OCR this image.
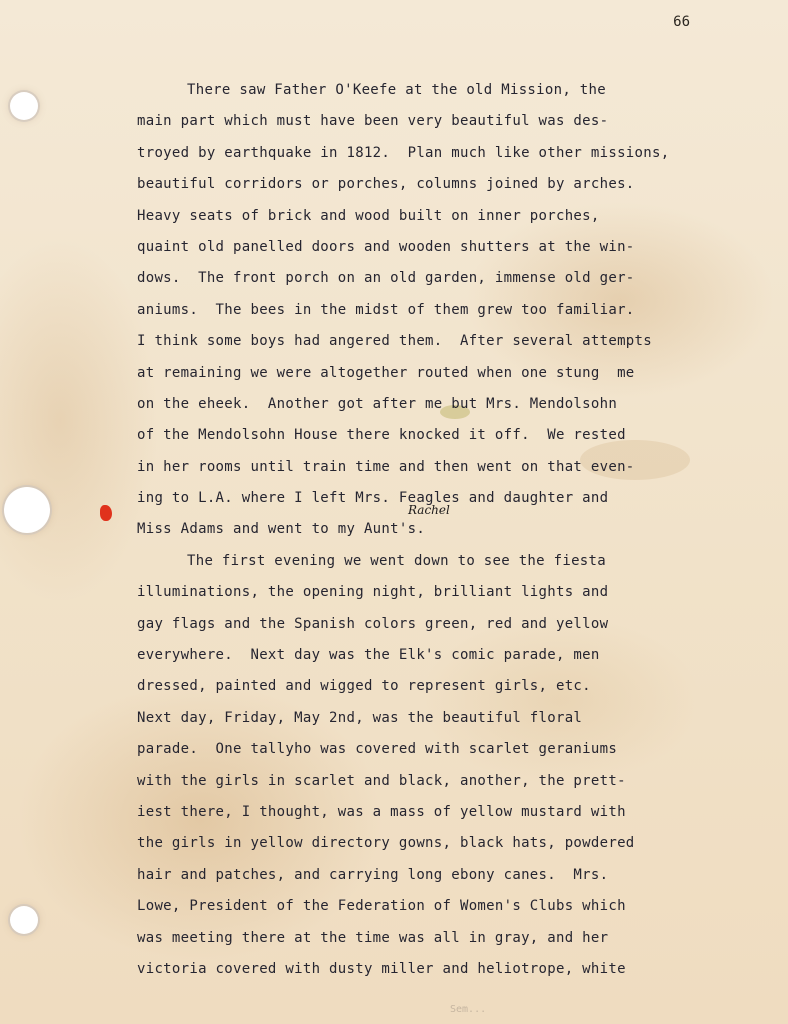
66

There saw Father O'Keefe at the old Mission, the

main part which must have been very beautiful was des-

troyed by earthquake in 1812.  Plan much like other missions,

beautiful corridors or porches, columns joined by arches.

Heavy seats of brick and wood built on inner porches,

quaint old panelled doors and wooden shutters at the win-

dows.  The front porch on an old garden, immense old ger-

aniums.  The bees in the midst of them grew too familiar.

I think some boys had angered them.  After several attempts

at remaining we were altogether routed when one stung  me

on the eheek.  Another got after me but Mrs. Mendolsohn

of the Mendolsohn House there knocked it off.  We rested

in her rooms until train time and then went on that even-

ing to L.A. where I left Mrs. Feagles and daughter and

Miss Adams and went to my Aunt's.

The first evening we went down to see the fiesta

illuminations, the opening night, brilliant lights and

gay flags and the Spanish colors green, red and yellow

everywhere.  Next day was the Elk's comic parade, men

dressed, painted and wigged to represent girls, etc.

Next day, Friday, May 2nd, was the beautiful floral

parade.  One tallyho was covered with scarlet geraniums

with the girls in scarlet and black, another, the prett-

iest there, I thought, was a mass of yellow mustard with

the girls in yellow directory gowns, black hats, powdered

hair and patches, and carrying long ebony canes.  Mrs.

Lowe, President of the Federation of Women's Clubs which

was meeting there at the time was all in gray, and her

victoria covered with dusty miller and heliotrope, white

Rachel

Sem...
